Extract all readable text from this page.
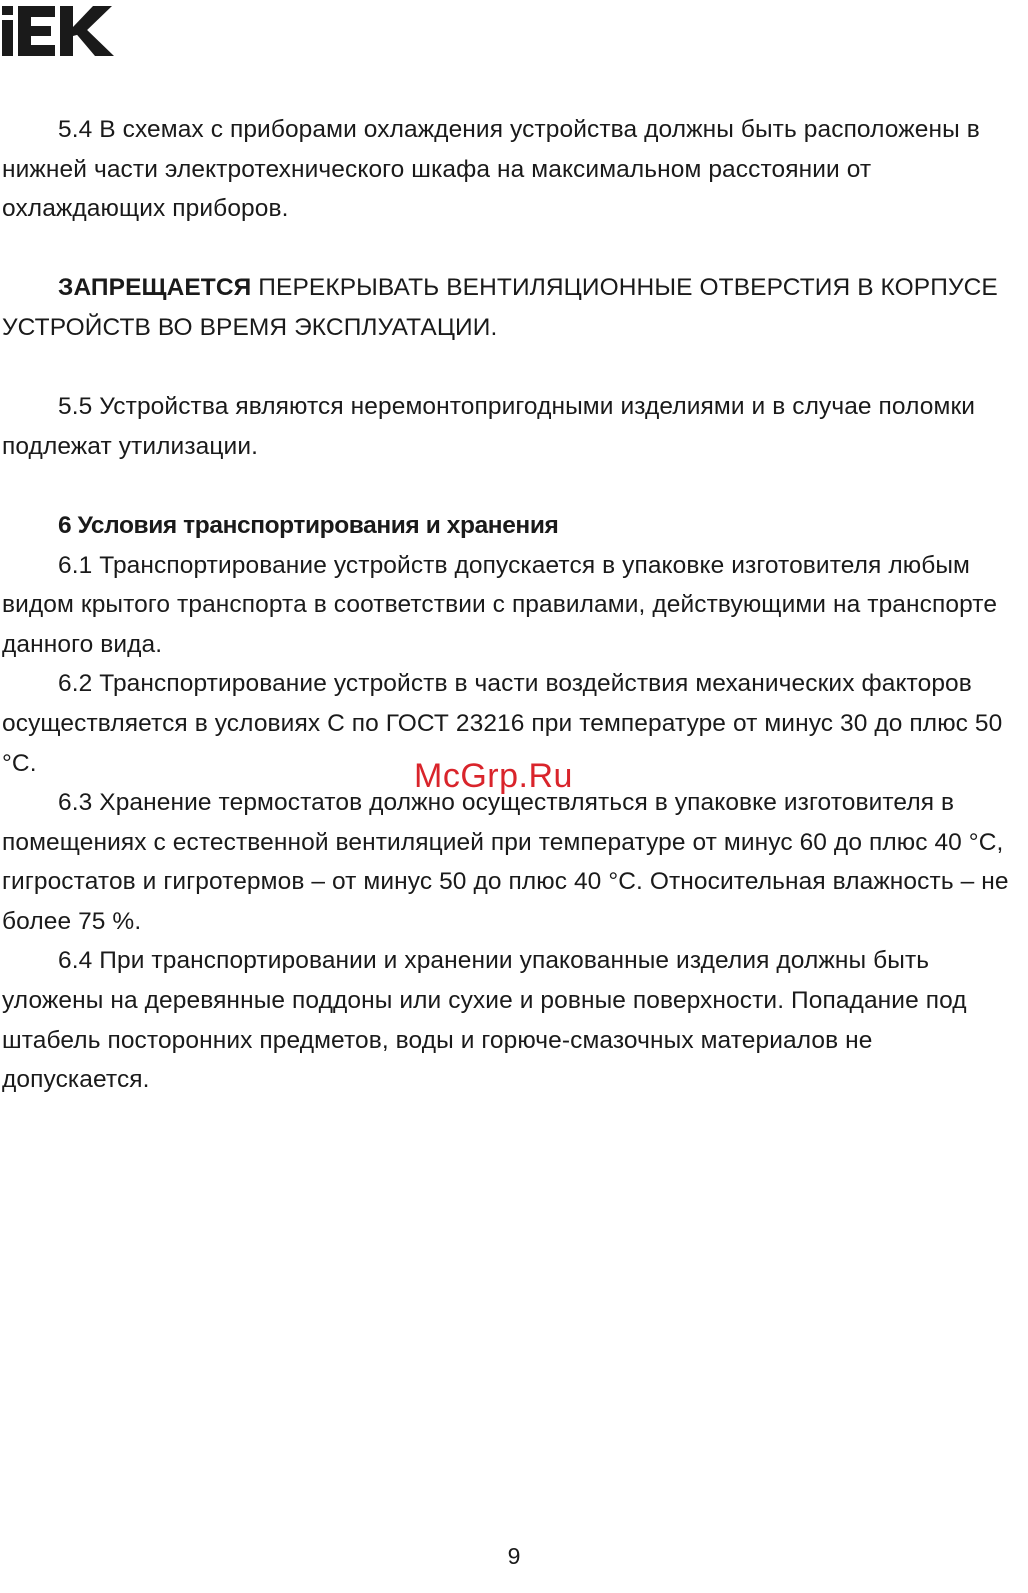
5.4 В схемах с приборами охлаждения устройства должны быть расположены в нижней части электротехнического шкафа на максимальном расстоянии от охлаждающих приборов.

ЗАПРЕЩАЕТСЯ ПЕРЕКРЫВАТЬ ВЕНТИЛЯЦИОННЫЕ ОТВЕРСТИЯ В КОРПУСЕ УСТРОЙСТВ ВО ВРЕМЯ ЭКСПЛУАТАЦИИ.

5.5 Устройства являются неремонтопригодными изделиями и в случае поломки подлежат утилизации.

6 Условия транспортирования и хранения

6.1 Транспортирование устройств допускается в упаковке изготовителя любым видом крытого транспорта в соответствии с правилами, действующими на транспорте данного вида.

6.2 Транспортирование устройств в части воздействия механических факторов осуществляется в условиях С по ГОСТ 23216 при температуре от минус 30 до плюс 50 °С.

6.3 Хранение термостатов должно осуществляться в упаковке изготовителя в помещениях с естественной вентиляцией при температуре от минус 60 до плюс 40 °С, гигростатов и гигротермов – от минус 50 до плюс 40 °С. Относительная влажность – не более 75 %.

6.4 При транспортировании и хранении упакованные изделия должны быть уложены на деревянные поддоны или сухие и ровные поверхности. Попадание под штабель посторонних предметов, воды и горюче-смазочных материалов не допускается.

McGrp.Ru
9
